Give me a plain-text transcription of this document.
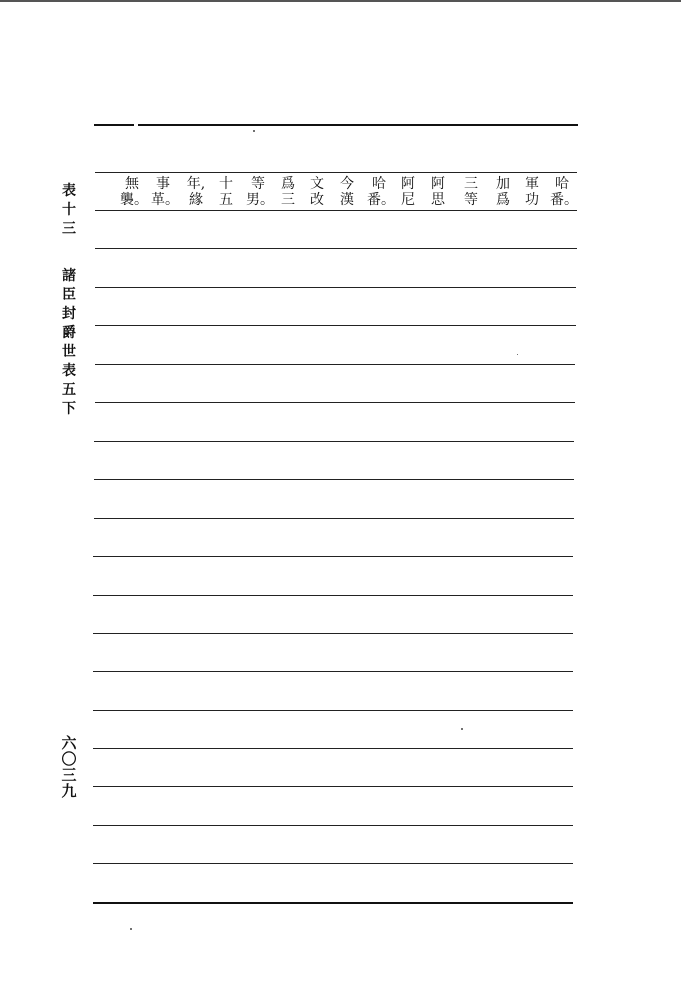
表
十
三
諸
臣
封
爵
世
表
五
下
六
〇
三
九
無
襲。
事
革。
年,
緣
十
五
等
男。
爲
三
文
改
今
漢
哈
番。
阿
尼
阿
思
三
等
加
爲
軍
功
哈
番。
